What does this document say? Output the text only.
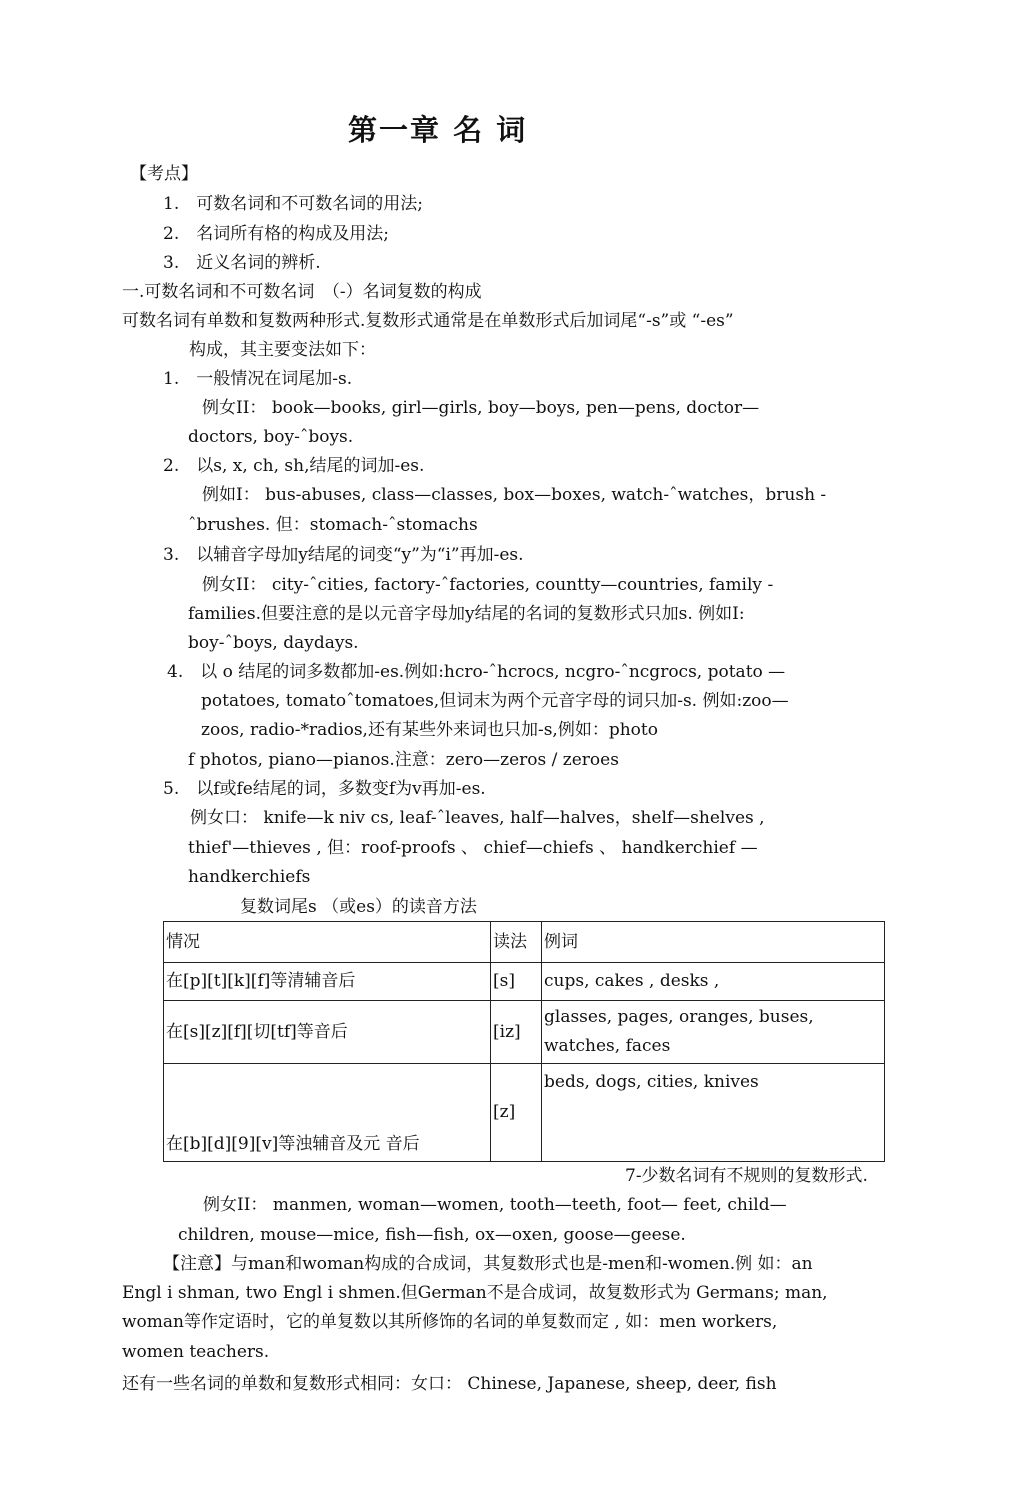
第一章 名 词
【考点】
1.　可数名词和不可数名词的用法;
2.　名词所有格的构成及用法;
3.　近义名词的辨析.
一.可数名词和不可数名词　（-）名词复数的构成
可数名词有单数和复数两种形式.复数形式通常是在单数形式后加词尾“-s”或 “-es”
构成，其主要变法如下：
1.　一般情况在词尾加-s.
例女II： book—books, girl—girls, boy—boys, pen—pens, doctor—
doctors, boy-ˆboys.
2.　以s, x, ch, sh,结尾的词加-es.
例如I： bus-abuses, class—classes, box—boxes, watch-ˆwatches，brush -
ˆbrushes. 但：stomach-ˆstomachs
3.　以辅音字母加y结尾的词变“y”为“i”再加-es.
例女II： city-ˆcities, factory-ˆfactories, countty—countries, family -
families.但要注意的是以元音字母加y结尾的名词的复数形式只加s. 例如I:
boy-ˆboys, daydays.
4.　以 o 结尾的词多数都加-es.例如:hcro-ˆhcrocs, ncgro-ˆncgrocs, potato —
potatoes, tomatoˆtomatoes,但词末为两个元音字母的词只加-s. 例如:zoo—
zoos, radio-*radios,还有某些外来词也只加-s,例如：photo
f photos, piano—pianos.注意：zero—zeros / zeroes
5.　以f或fe结尾的词，多数变f为v再加-es.
例女口： knife—k niv cs, leaf-ˆleaves, half—halves，shelf—shelves ,
thief'—thieves , 但：roof-proofs 、 chief—chiefs 、 handkerchief —
handkerchiefs
复数词尾s （或es）的读音方法
情况	读法	例词
在[p][t][k][f]等清辅音后	[s]	cups, cakes , desks ,
在[s][z][f][切[tf]等音后	[iz]	glasses, pages, oranges, buses, watches, faces
在[b][d][9][v]等浊辅音及元 音后	[z]	beds, dogs, cities, knives
7-少数名词有不规则的复数形式.
例女II： manmen, woman—women, tooth—teeth, foot— feet, child—
children, mouse—mice, fish—fish, ox—oxen, goose—geese.
【注意】与man和woman构成的合成词，其复数形式也是-men和-women.例 如：an
Engl i shman, two Engl i shmen.但German不是合成词，故复数形式为 Germans; man,
woman等作定语时，它的单复数以其所修饰的名词的单复数而定 , 如：men workers,
women teachers.
还有一些名词的单数和复数形式相同：女口： Chinese, Japanese, sheep, deer, fish
